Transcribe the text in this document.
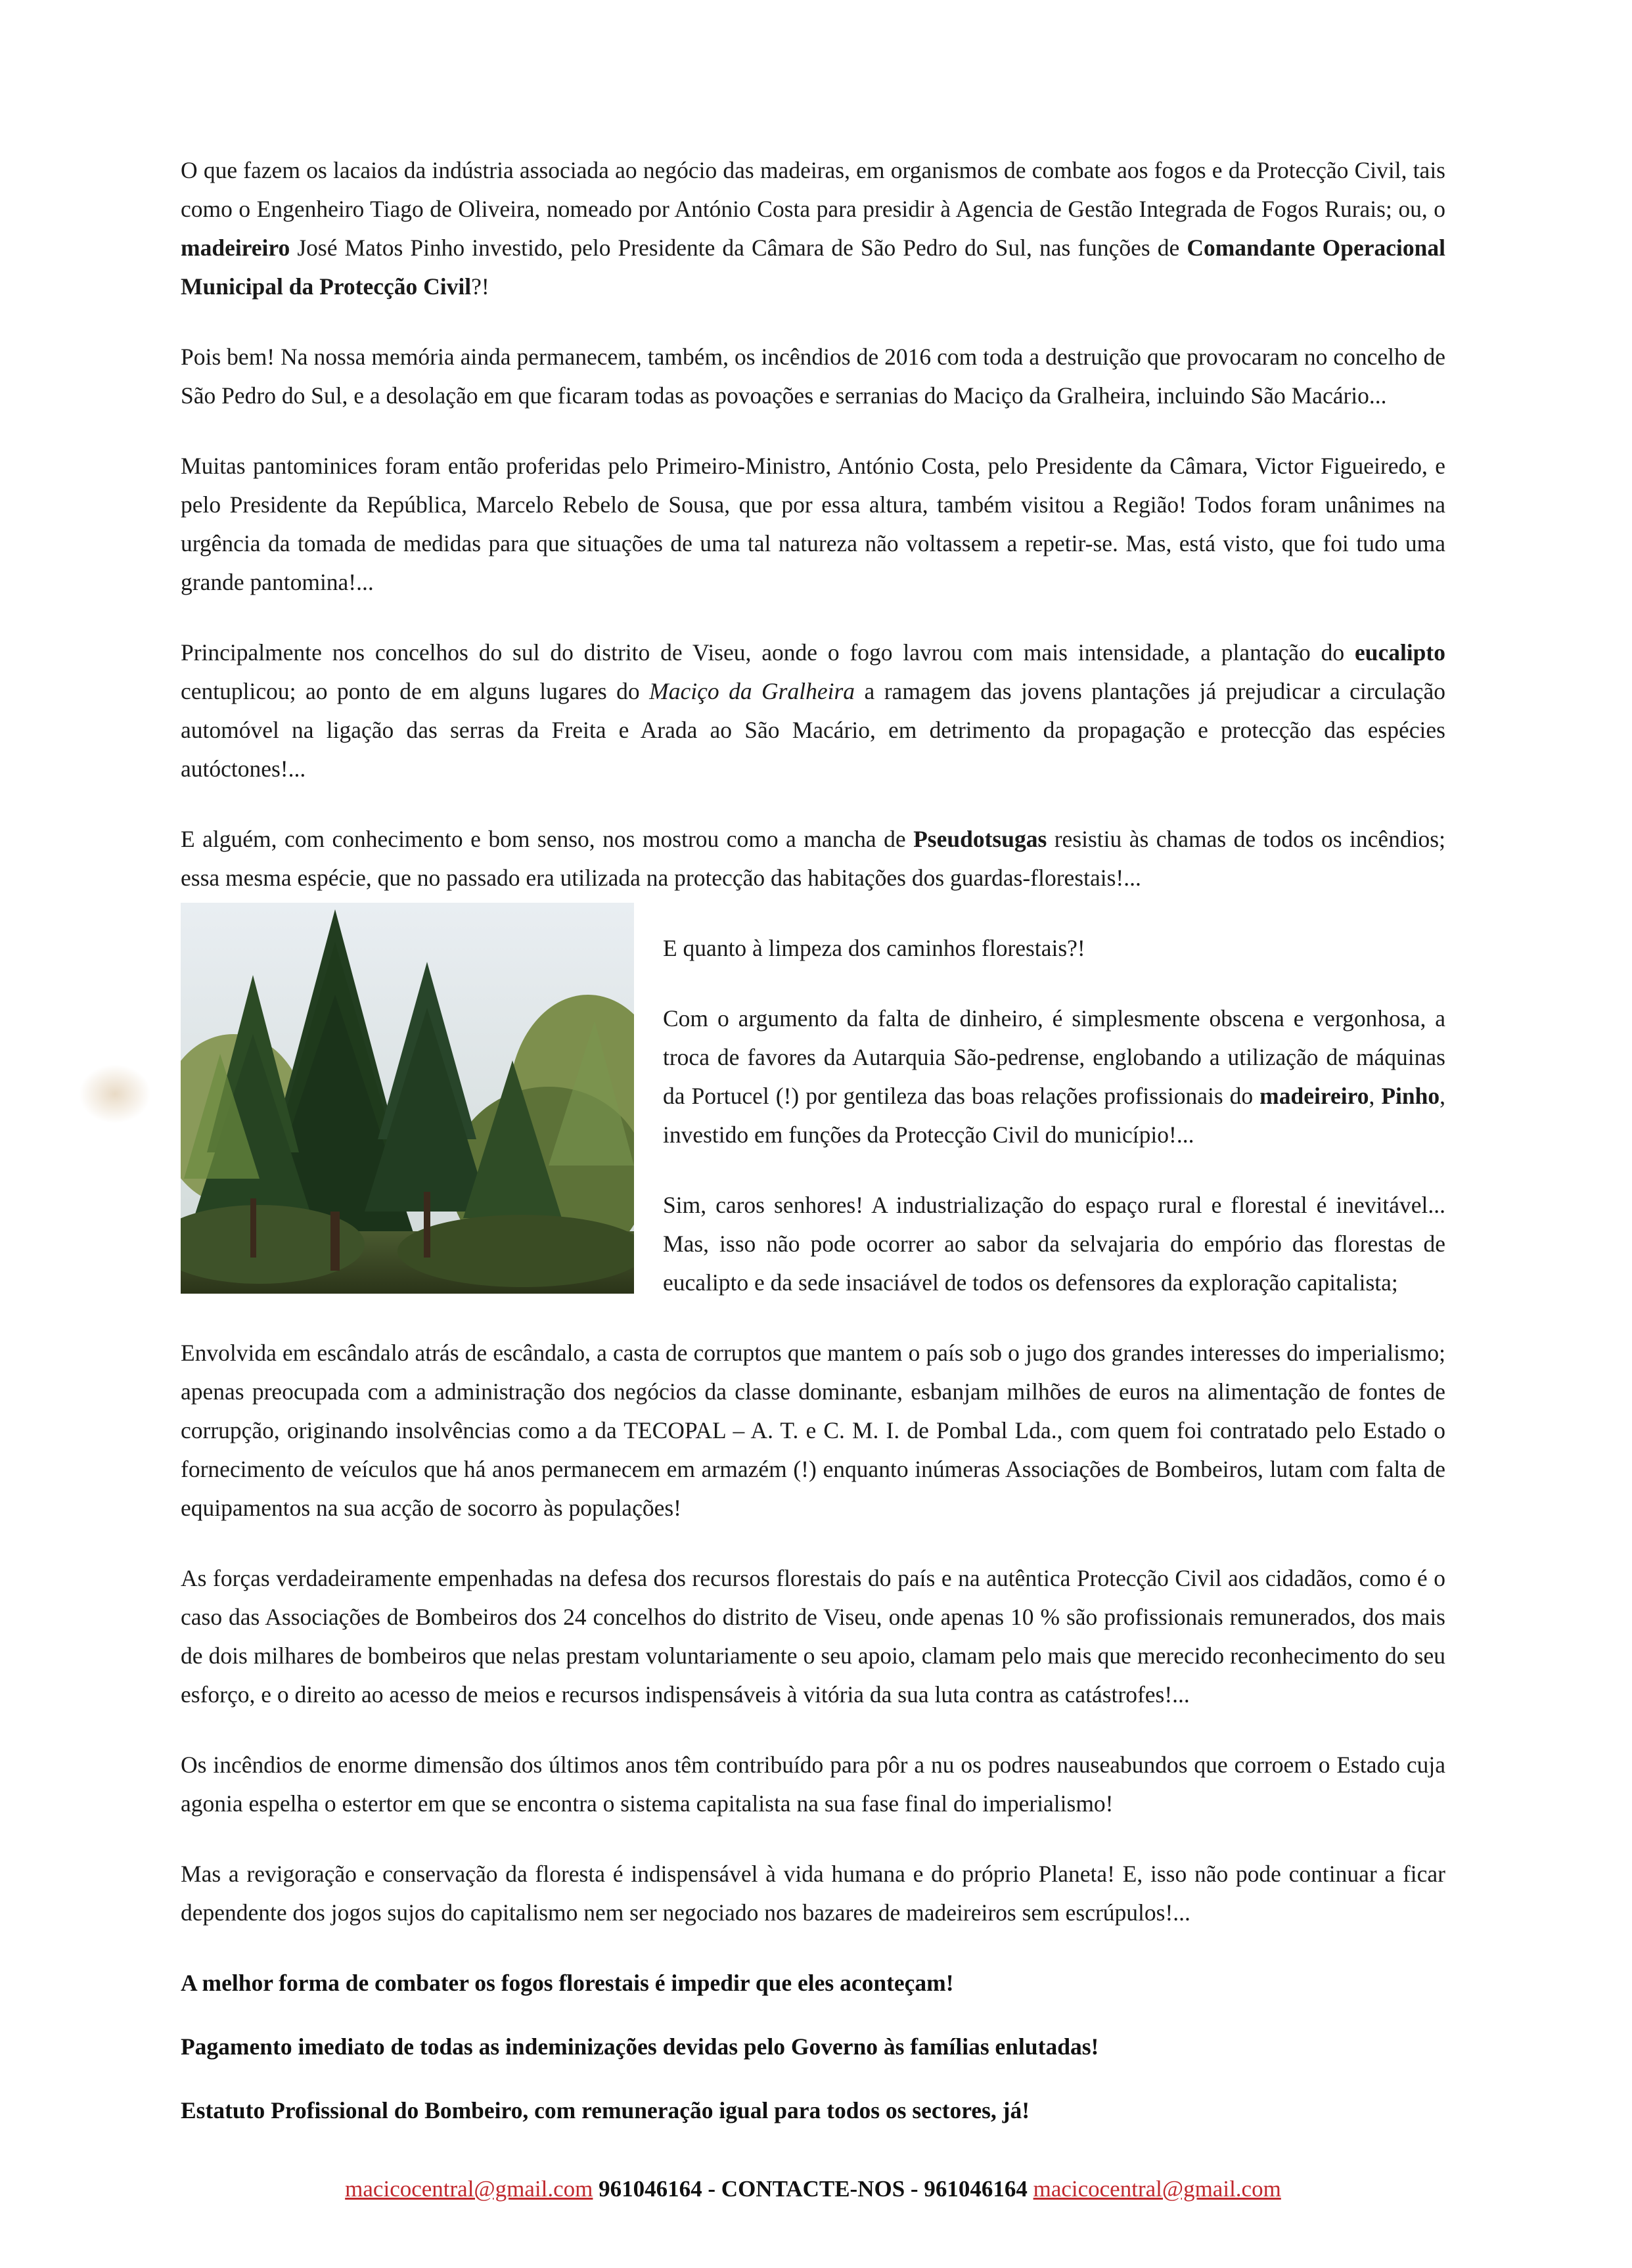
O que fazem os lacaios da indústria associada ao negócio das madeiras, em organismos de combate aos fogos e da Protecção Civil, tais como o Engenheiro Tiago de Oliveira, nomeado por António Costa para presidir à Agencia de Gestão Integrada de Fogos Rurais; ou, o madeireiro José Matos Pinho investido, pelo Presidente da Câmara de São Pedro do Sul, nas funções de Comandante Operacional Municipal da Protecção Civil?!

Pois bem! Na nossa memória ainda permanecem, também, os incêndios de 2016 com toda a destruição que provocaram no concelho de São Pedro do Sul, e a desolação em que ficaram todas as povoações e serranias do Maciço da Gralheira, incluindo São Macário...

Muitas pantominices foram então proferidas pelo Primeiro-Ministro, António Costa, pelo Presidente da Câmara, Victor Figueiredo, e pelo Presidente da República, Marcelo Rebelo de Sousa, que por essa altura, também visitou a Região! Todos foram unânimes na urgência da tomada de medidas para que situações de uma tal natureza não voltassem a repetir-se. Mas, está visto, que foi tudo uma grande pantomina!...

Principalmente nos concelhos do sul do distrito de Viseu, aonde o fogo lavrou com mais intensidade, a plantação do eucalipto centuplicou; ao ponto de em alguns lugares do Maciço da Gralheira a ramagem das jovens plantações já prejudicar a circulação automóvel na ligação das serras da Freita e Arada ao São Macário, em detrimento da propagação e protecção das espécies autóctones!...

E alguém, com conhecimento e bom senso, nos mostrou como a mancha de Pseudotsugas resistiu às chamas de todos os incêndios; essa mesma espécie, que no passado era utilizada na protecção das habitações dos guardas-florestais!...

E quanto à limpeza dos caminhos florestais?!

Com o argumento da falta de dinheiro, é simplesmente obscena e vergonhosa, a troca de favores da Autarquia São-pedrense, englobando a utilização de máquinas da Portucel (!) por gentileza das boas relações profissionais do madeireiro, Pinho, investido em funções da Protecção Civil do município!...

Sim, caros senhores! A industrialização do espaço rural e florestal é inevitável... Mas, isso não pode ocorrer ao sabor da selvajaria do empório das florestas de eucalipto e da sede insaciável de todos os defensores da exploração capitalista;

Envolvida em escândalo atrás de escândalo, a casta de corruptos que mantem o país sob o jugo dos grandes interesses do imperialismo; apenas preocupada com a administração dos negócios da classe dominante, esbanjam milhões de euros na alimentação de fontes de corrupção, originando insolvências como a da TECOPAL – A. T. e C. M. I. de Pombal Lda., com quem foi contratado pelo Estado o fornecimento de veículos que há anos permanecem em armazém (!) enquanto inúmeras Associações de Bombeiros, lutam com falta de equipamentos na sua acção de socorro às populações!

As forças verdadeiramente empenhadas na defesa dos recursos florestais do país e na autêntica Protecção Civil aos cidadãos, como é o caso das Associações de Bombeiros dos 24 concelhos do distrito de Viseu, onde apenas 10 % são profissionais remunerados, dos mais de dois milhares de bombeiros que nelas prestam voluntariamente o seu apoio, clamam pelo mais que merecido reconhecimento do seu esforço, e o direito ao acesso de meios e recursos indispensáveis à vitória da sua luta contra as catástrofes!...

Os incêndios de enorme dimensão dos últimos anos têm contribuído para pôr a nu os podres nauseabundos que corroem o Estado cuja agonia espelha o estertor em que se encontra o sistema capitalista na sua fase final do imperialismo!

Mas a revigoração e conservação da floresta é indispensável à vida humana e do próprio Planeta! E, isso não pode continuar a ficar dependente dos jogos sujos do capitalismo nem ser negociado nos bazares de madeireiros sem escrúpulos!...

A melhor forma de combater os fogos florestais é impedir que eles aconteçam!

Pagamento imediato de todas as indeminizações devidas pelo Governo às famílias enlutadas!

Estatuto Profissional do Bombeiro, com remuneração igual para todos os sectores, já!

macicocentral@gmail.com 961046164 - CONTACTE-NOS - 961046164 macicocentral@gmail.com
